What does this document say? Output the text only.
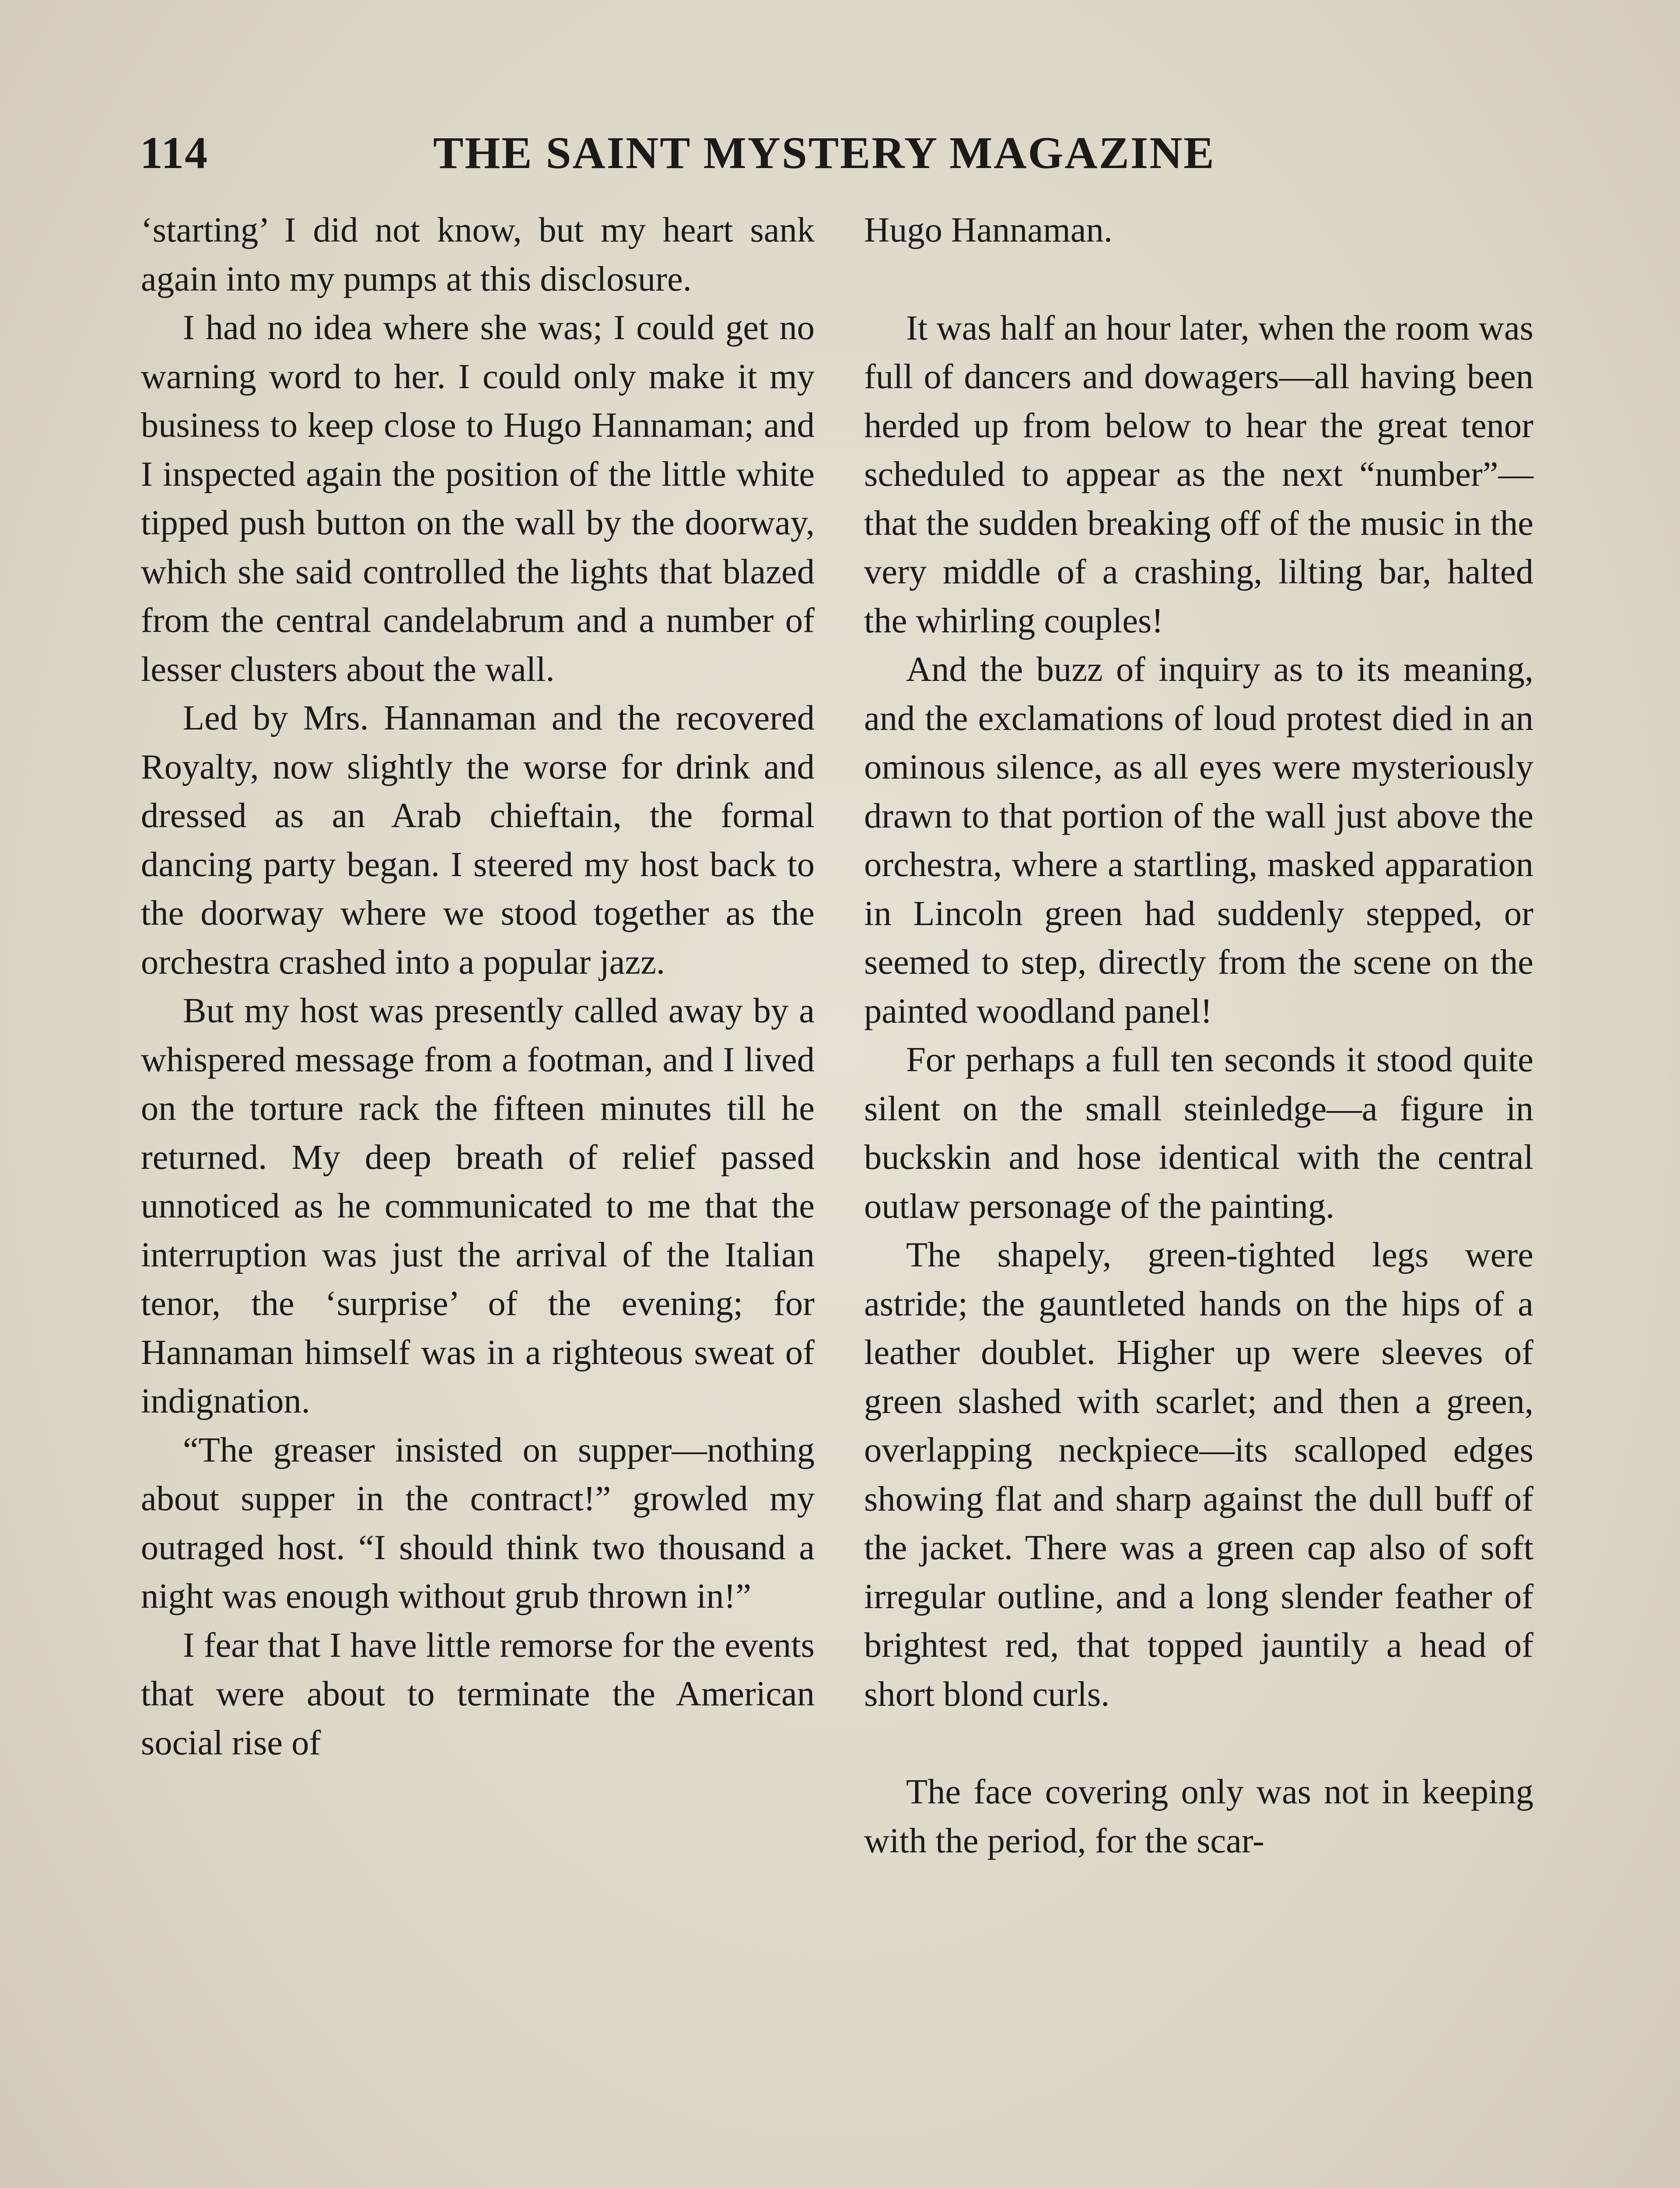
114	THE SAINT MYSTERY MAGAZINE

‘starting’ I did not know, but my heart sank again into my pumps at this disclosure.

I had no idea where she was; I could get no warning word to her. I could only make it my business to keep close to Hugo Hannaman; and I inspected again the position of the little white tipped push button on the wall by the doorway, which she said controlled the lights that blazed from the central candelabrum and a number of lesser clusters about the wall.

Led by Mrs. Hannaman and the recovered Royalty, now slightly the worse for drink and dressed as an Arab chieftain, the formal dancing party began. I steered my host back to the doorway where we stood together as the orchestra crashed into a popular jazz.

But my host was presently called away by a whispered message from a footman, and I lived on the torture rack the fifteen minutes till he returned. My deep breath of relief passed unnoticed as he communicated to me that the interruption was just the arrival of the Italian tenor, the ‘surprise’ of the evening; for Hannaman himself was in a righteous sweat of indignation.

“The greaser insisted on supper—nothing about supper in the contract!” growled my outraged host. “I should think two thousand a night was enough without grub thrown in!”

I fear that I have little remorse for the events that were about to terminate the American social rise of

Hugo Hannaman.

It was half an hour later, when the room was full of dancers and dowagers—all having been herded up from below to hear the great tenor scheduled to appear as the next “number”—that the sudden breaking off of the music in the very middle of a crashing, lilting bar, halted the whirling couples!

And the buzz of inquiry as to its meaning, and the exclamations of loud protest died in an ominous silence, as all eyes were mysteriously drawn to that portion of the wall just above the orchestra, where a startling, masked apparation in Lincoln green had suddenly stepped, or seemed to step, directly from the scene on the painted woodland panel!

For perhaps a full ten seconds it stood quite silent on the small steinledge—a figure in buckskin and hose identical with the central outlaw personage of the painting.

The shapely, green-tighted legs were astride; the gauntleted hands on the hips of a leather doublet. Higher up were sleeves of green slashed with scarlet; and then a green, overlapping neckpiece—its scalloped edges showing flat and sharp against the dull buff of the jacket. There was a green cap also of soft irregular outline, and a long slender feather of brightest red, that topped jauntily a head of short blond curls.

The face covering only was not in keeping with the period, for the scar-
